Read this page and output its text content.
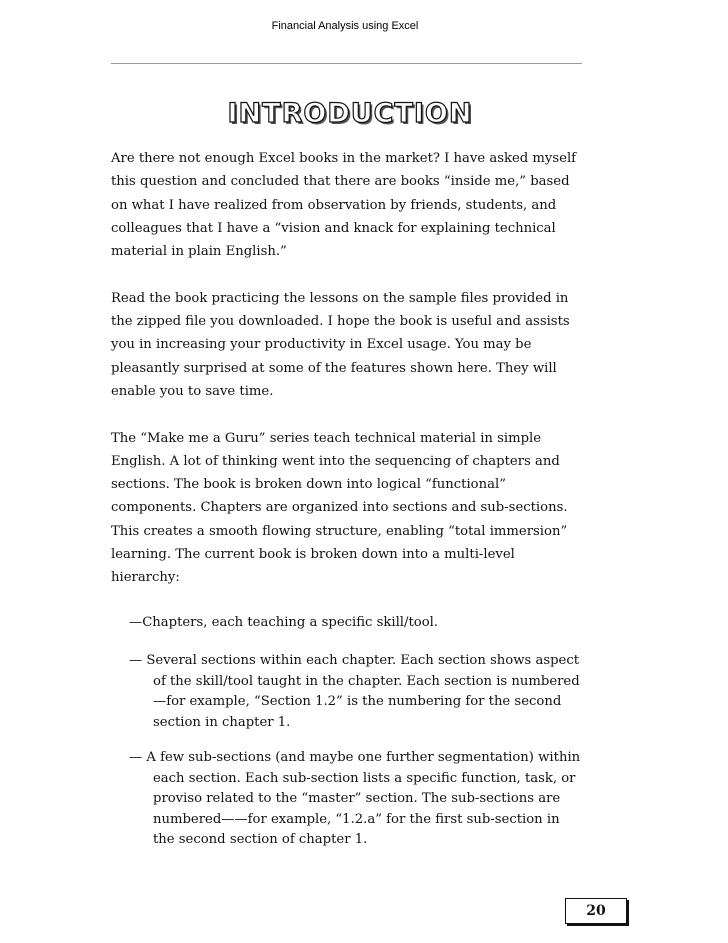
Financial Analysis using Excel
INTRODUCTION

Are there not enough Excel books in the market? I have asked myself this question and concluded that there are books “inside me,” based on what I have realized from observation by friends, students, and colleagues that I have a “vision and knack for explaining technical material in plain English.”

Read the book practicing the lessons on the sample files provided in the zipped file you downloaded. I hope the book is useful and assists you in increasing your productivity in Excel usage. You may be pleasantly surprised at some of the features shown here. They will enable you to save time.

The “Make me a Guru” series teach technical material in simple English. A lot of thinking went into the sequencing of chapters and sections. The book is broken down into logical “functional” components. Chapters are organized into sections and sub-sections. This creates a smooth flowing structure, enabling “total immersion” learning. The current book is broken down into a multi-level hierarchy:

—Chapters, each teaching a specific skill/tool.
— Several sections within each chapter. Each section shows aspect of the skill/tool taught in the chapter. Each section is numbered—for example, “Section 1.2” is the numbering for the second section in chapter 1.
— A few sub-sections (and maybe one further segmentation) within each section. Each sub-section lists a specific function, task, or proviso related to the “master” section. The sub-sections are numbered——for example, “1.2.a” for the first sub-section in the second section of chapter 1.
20
